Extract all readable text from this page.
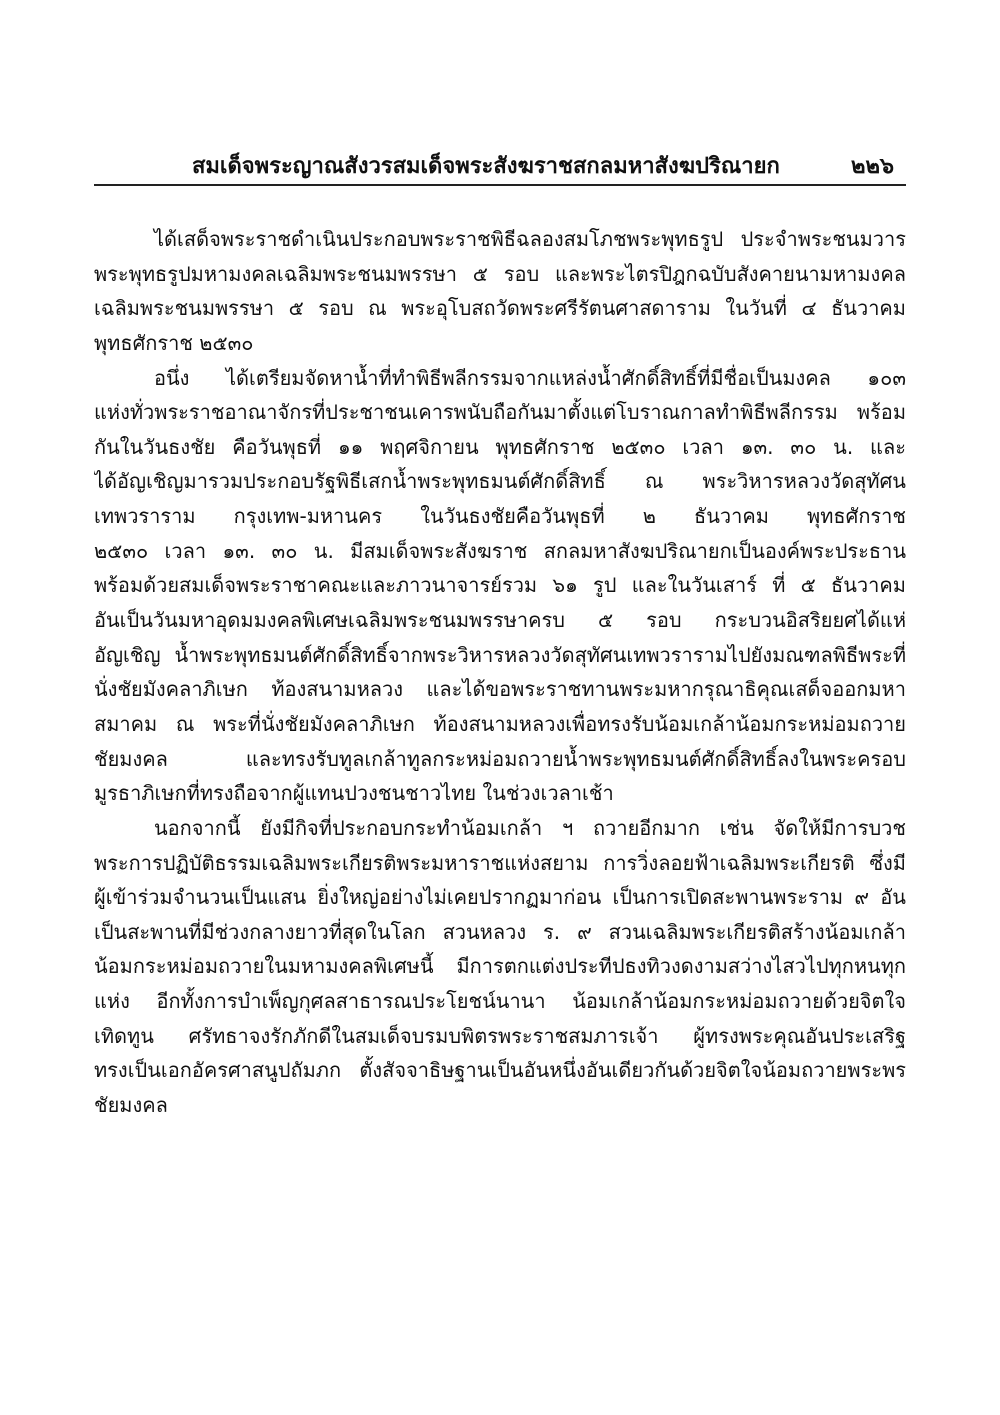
สมเด็จพระญาณสังวรสมเด็จพระสังฆราชสกลมหาสังฆปริณายก	๒๒๖
ได้เสด็จพระราชดำเนินประกอบพระราชพิธีฉลองสมโภชพระพุทธรูป ประจำพระชนมวาร
พระพุทธรูปมหามงคลเฉลิมพระชนมพรรษา ๕ รอบ และพระไตรปิฎกฉบับสังคายนามหามงคล
เฉลิมพระชนมพรรษา ๕ รอบ ณ พระอุโบสถวัดพระศรีรัตนศาสดาราม ในวันที่ ๔ ธันวาคม
พุทธศักราช ๒๕๓๐
อนึ่ง ได้เตรียมจัดหาน้ำที่ทำพิธีพลีกรรมจากแหล่งน้ำศักดิ์สิทธิ์ที่มีชื่อเป็นมงคล ๑๐๓
แห่งทั่วพระราชอาณาจักรที่ประชาชนเคารพนับถือกันมาตั้งแต่โบราณกาลทำพิธีพลีกรรม พร้อม
กันในวันธงชัย คือวันพุธที่ ๑๑ พฤศจิกายน พุทธศักราช ๒๕๓๐ เวลา ๑๓. ๓๐ น. และ
ได้อัญเชิญมารวมประกอบรัฐพิธีเสกน้ำพระพุทธมนต์ศักดิ์สิทธิ์ ณ พระวิหารหลวงวัดสุทัศน
เทพวราราม กรุงเทพ-มหานคร ในวันธงชัยคือวันพุธที่ ๒ ธันวาคม พุทธศักราช
๒๕๓๐ เวลา ๑๓. ๓๐ น. มีสมเด็จพระสังฆราช สกลมหาสังฆปริณายกเป็นองค์พระประธาน
พร้อมด้วยสมเด็จพระราชาคณะและภาวนาจารย์รวม ๖๑ รูป และในวันเสาร์ ที่ ๕ ธันวาคม
อันเป็นวันมหาอุดมมงคลพิเศษเฉลิมพระชนมพรรษาครบ ๕ รอบ กระบวนอิสริยยศได้แห่
อัญเชิญ น้ำพระพุทธมนต์ศักดิ์สิทธิ์จากพระวิหารหลวงวัดสุทัศนเทพวรารามไปยังมณฑลพิธีพระที่
นั่งชัยมังคลาภิเษก ท้องสนามหลวง และได้ขอพระราชทานพระมหากรุณาธิคุณเสด็จออกมหา
สมาคม ณ พระที่นั่งชัยมังคลาภิเษก ท้องสนามหลวงเพื่อทรงรับน้อมเกล้าน้อมกระหม่อมถวาย
ชัยมงคล	และทรงรับทูลเกล้าทูลกระหม่อมถวายน้ำพระพุทธมนต์ศักดิ์สิทธิ์ลงในพระครอบ
มูรธาภิเษกที่ทรงถือจากผู้แทนปวงชนชาวไทย ในช่วงเวลาเช้า
นอกจากนี้ ยังมีกิจที่ประกอบกระทำน้อมเกล้า ฯ ถวายอีกมาก เช่น จัดให้มีการบวช
พระการปฏิบัติธรรมเฉลิมพระเกียรติพระมหาราชแห่งสยาม การวิ่งลอยฟ้าเฉลิมพระเกียรติ ซึ่งมี
ผู้เข้าร่วมจำนวนเป็นแสน ยิ่งใหญ่อย่างไม่เคยปรากฏมาก่อน เป็นการเปิดสะพานพระราม ๙ อัน
เป็นสะพานที่มีช่วงกลางยาวที่สุดในโลก สวนหลวง ร. ๙ สวนเฉลิมพระเกียรติสร้างน้อมเกล้า
น้อมกระหม่อมถวายในมหามงคลพิเศษนี้ มีการตกแต่งประทีปธงทิวงดงามสว่างไสวไปทุกหนทุก
แห่ง อีกทั้งการบำเพ็ญกุศลสาธารณประโยชน์นานา น้อมเกล้าน้อมกระหม่อมถวายด้วยจิตใจ
เทิดทูน ศรัทธาจงรักภักดีในสมเด็จบรมบพิตรพระราชสมภารเจ้า ผู้ทรงพระคุณอันประเสริฐ
ทรงเป็นเอกอัครศาสนูปถัมภก ตั้งสัจจาธิษฐานเป็นอันหนึ่งอันเดียวกันด้วยจิตใจน้อมถวายพระพร
ชัยมงคล
